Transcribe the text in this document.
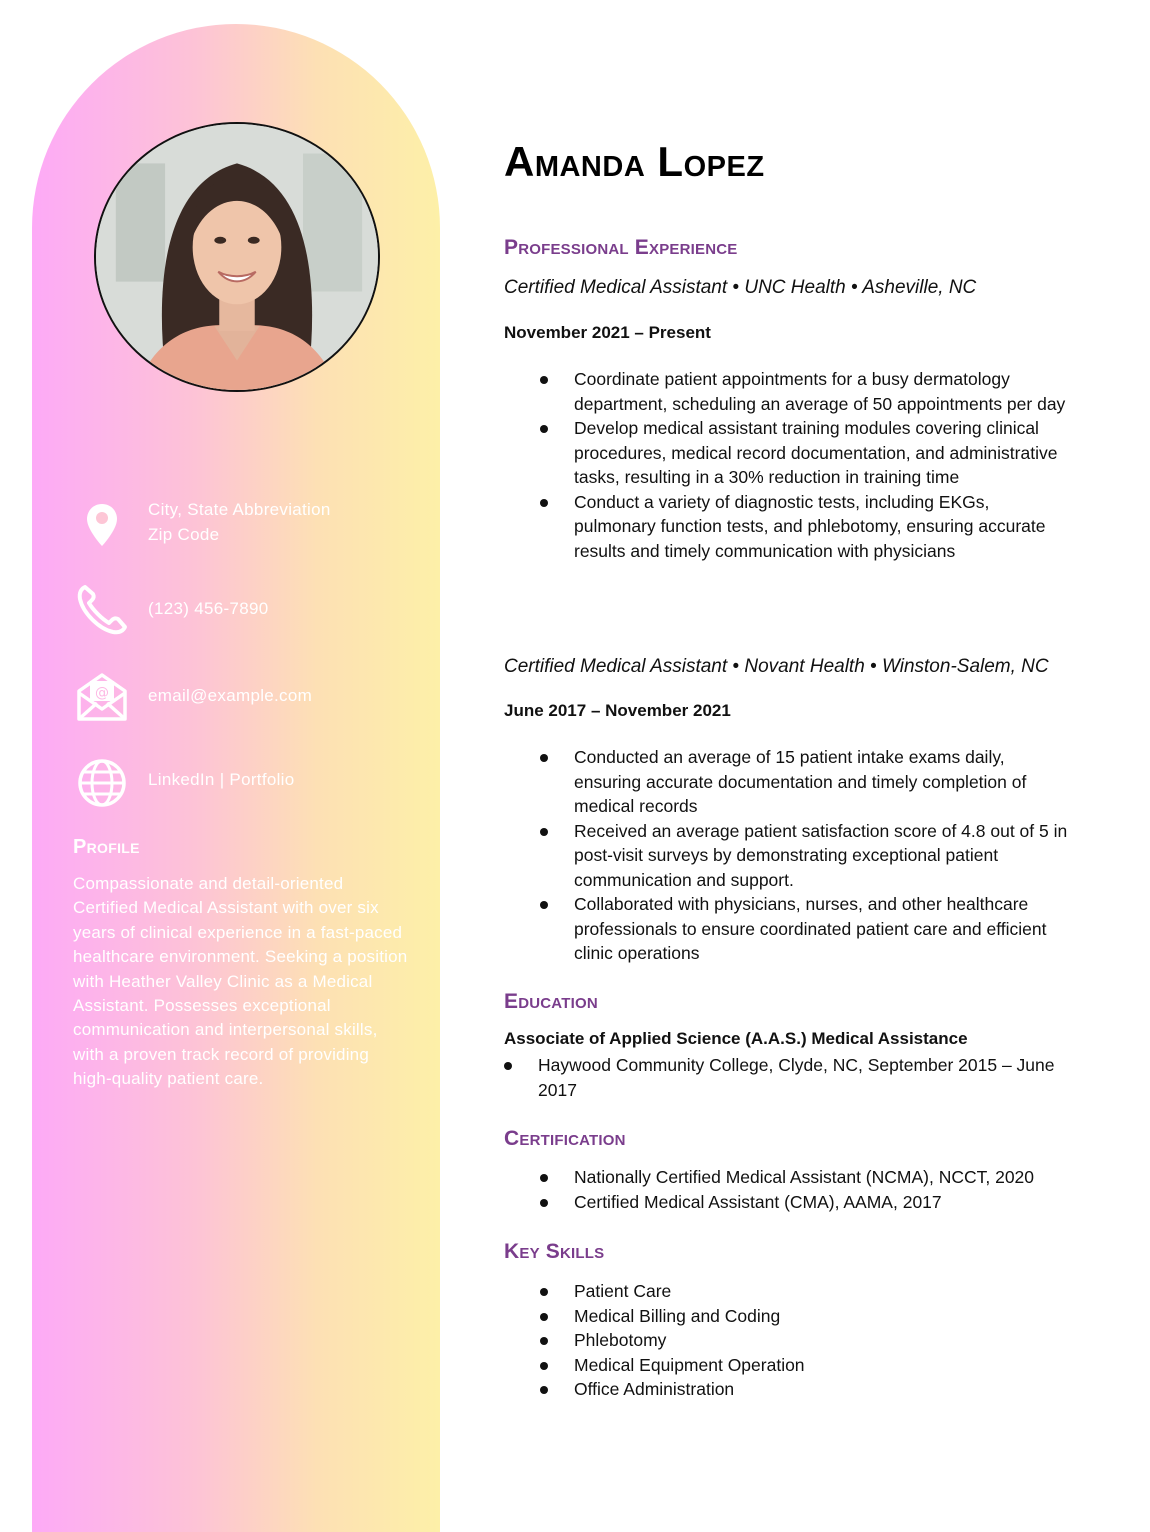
City, State Abbreviation
Zip Code
(123) 456-7890
@ email@example.com
LinkedIn | Portfolio
Profile
Compassionate and detail-oriented Certified Medical Assistant with over six years of clinical experience in a fast-paced healthcare environment. Seeking a position with Heather Valley Clinic as a Medical Assistant. Possesses exceptional communication and interpersonal skills, with a proven track record of providing high-quality patient care.
Amanda Lopez
Professional Experience
Certified Medical Assistant • UNC Health • Asheville, NC
November 2021 – Present
Coordinate patient appointments for a busy dermatology department, scheduling an average of 50 appointments per day
Develop medical assistant training modules covering clinical procedures, medical record documentation, and administrative tasks, resulting in a 30% reduction in training time
Conduct a variety of diagnostic tests, including EKGs, pulmonary function tests, and phlebotomy, ensuring accurate results and timely communication with physicians
Certified Medical Assistant • Novant Health • Winston-Salem, NC
June 2017 – November 2021
Conducted an average of 15 patient intake exams daily, ensuring accurate documentation and timely completion of medical records
Received an average patient satisfaction score of 4.8 out of 5 in post-visit surveys by demonstrating exceptional patient communication and support.
Collaborated with physicians, nurses, and other healthcare professionals to ensure coordinated patient care and efficient clinic operations
Education
Associate of Applied Science (A.A.S.) Medical Assistance
Haywood Community College, Clyde, NC, September 2015 – June 2017
Certification
Nationally Certified Medical Assistant (NCMA), NCCT, 2020
Certified Medical Assistant (CMA), AAMA, 2017
Key Skills
Patient Care
Medical Billing and Coding
Phlebotomy
Medical Equipment Operation
Office Administration
